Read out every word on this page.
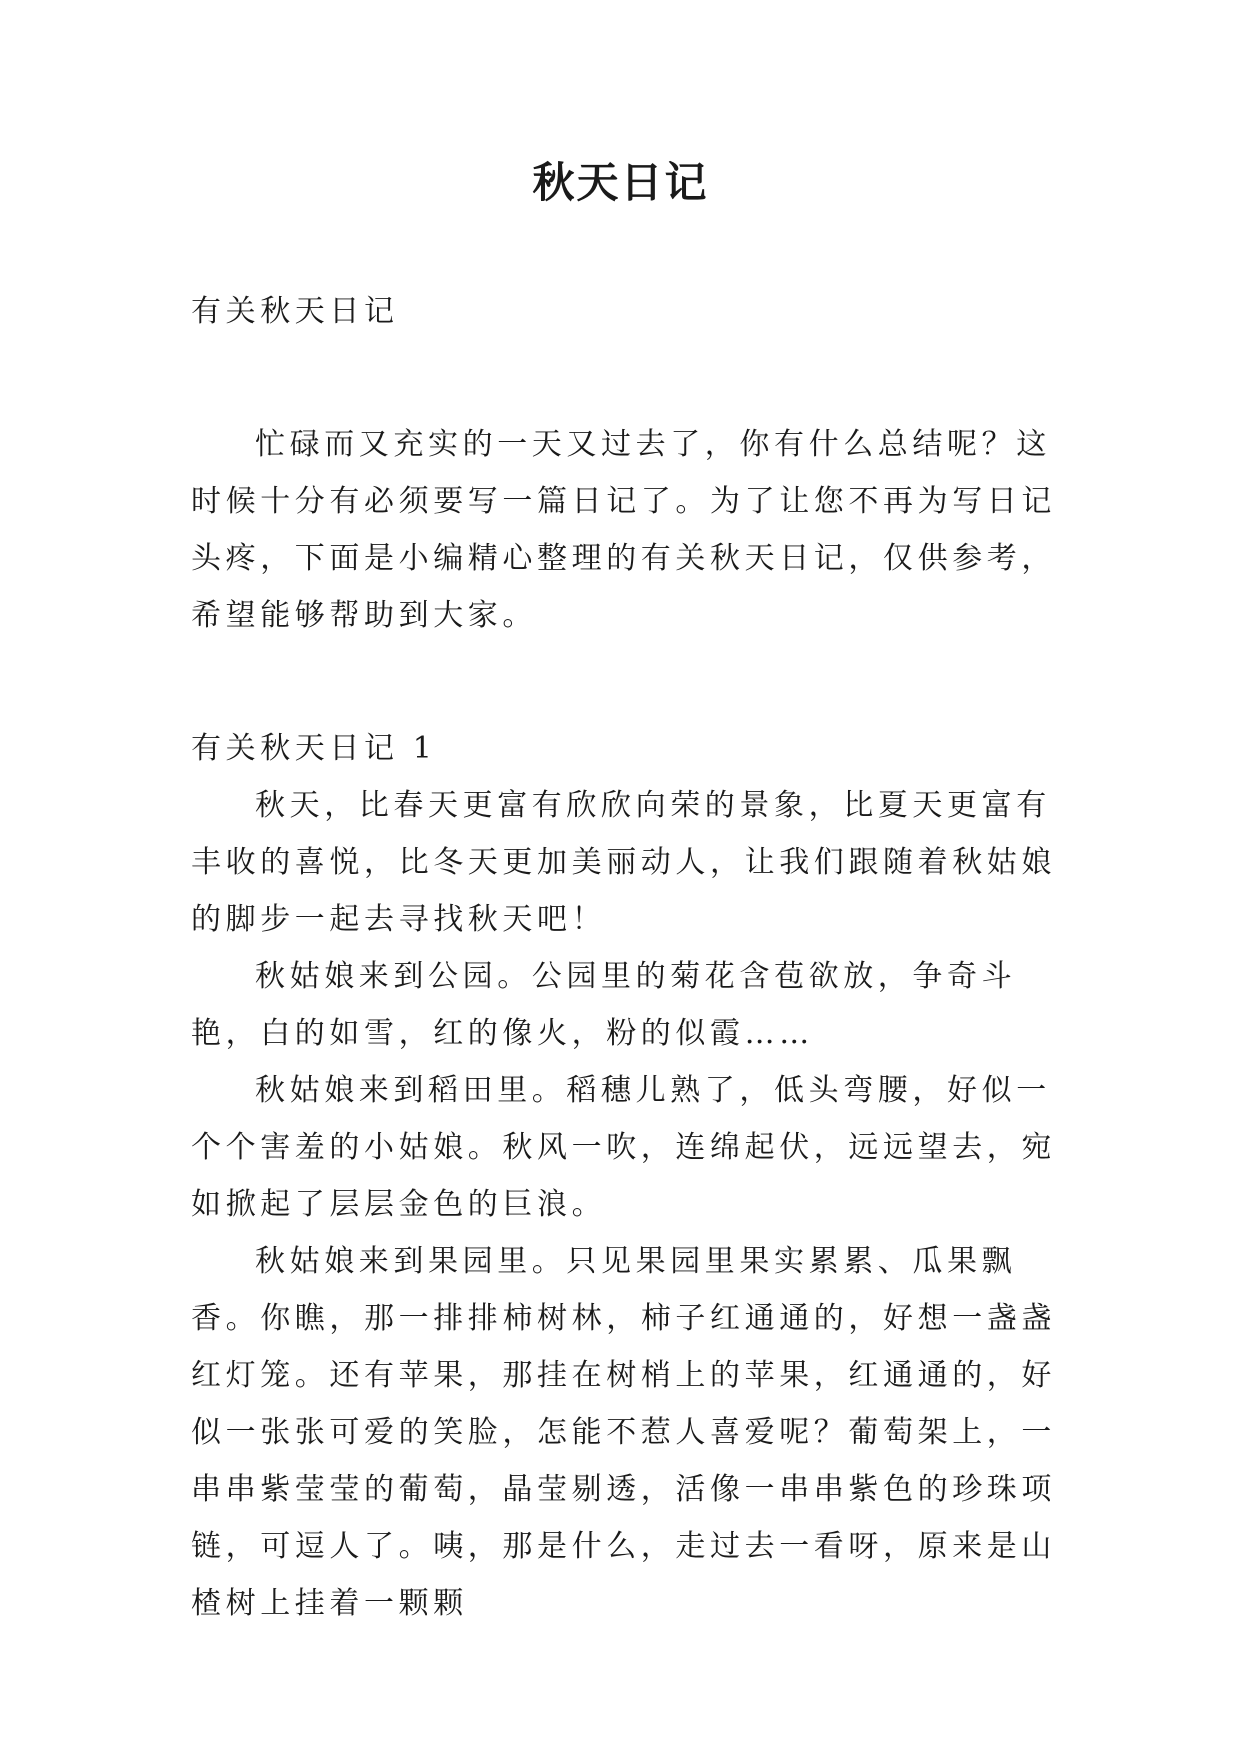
秋天日记

有关秋天日记

忙碌而又充实的一天又过去了，你有什么总结呢？这时候十分有必须要写一篇日记了。为了让您不再为写日记头疼，下面是小编精心整理的有关秋天日记，仅供参考，希望能够帮助到大家。

有关秋天日记 1

秋天，比春天更富有欣欣向荣的景象，比夏天更富有丰收的喜悦，比冬天更加美丽动人，让我们跟随着秋姑娘的脚步一起去寻找秋天吧！

秋姑娘来到公园。公园里的菊花含苞欲放，争奇斗艳，白的如雪，红的像火，粉的似霞……

秋姑娘来到稻田里。稻穗儿熟了，低头弯腰，好似一个个害羞的小姑娘。秋风一吹，连绵起伏，远远望去，宛如掀起了层层金色的巨浪。

秋姑娘来到果园里。只见果园里果实累累、瓜果飘香。你瞧，那一排排柿树林，柿子红通通的，好想一盏盏红灯笼。还有苹果，那挂在树梢上的苹果，红通通的，好似一张张可爱的笑脸，怎能不惹人喜爱呢？葡萄架上，一串串紫莹莹的葡萄，晶莹剔透，活像一串串紫色的珍珠项链，可逗人了。咦，那是什么，走过去一看呀，原来是山楂树上挂着一颗颗
